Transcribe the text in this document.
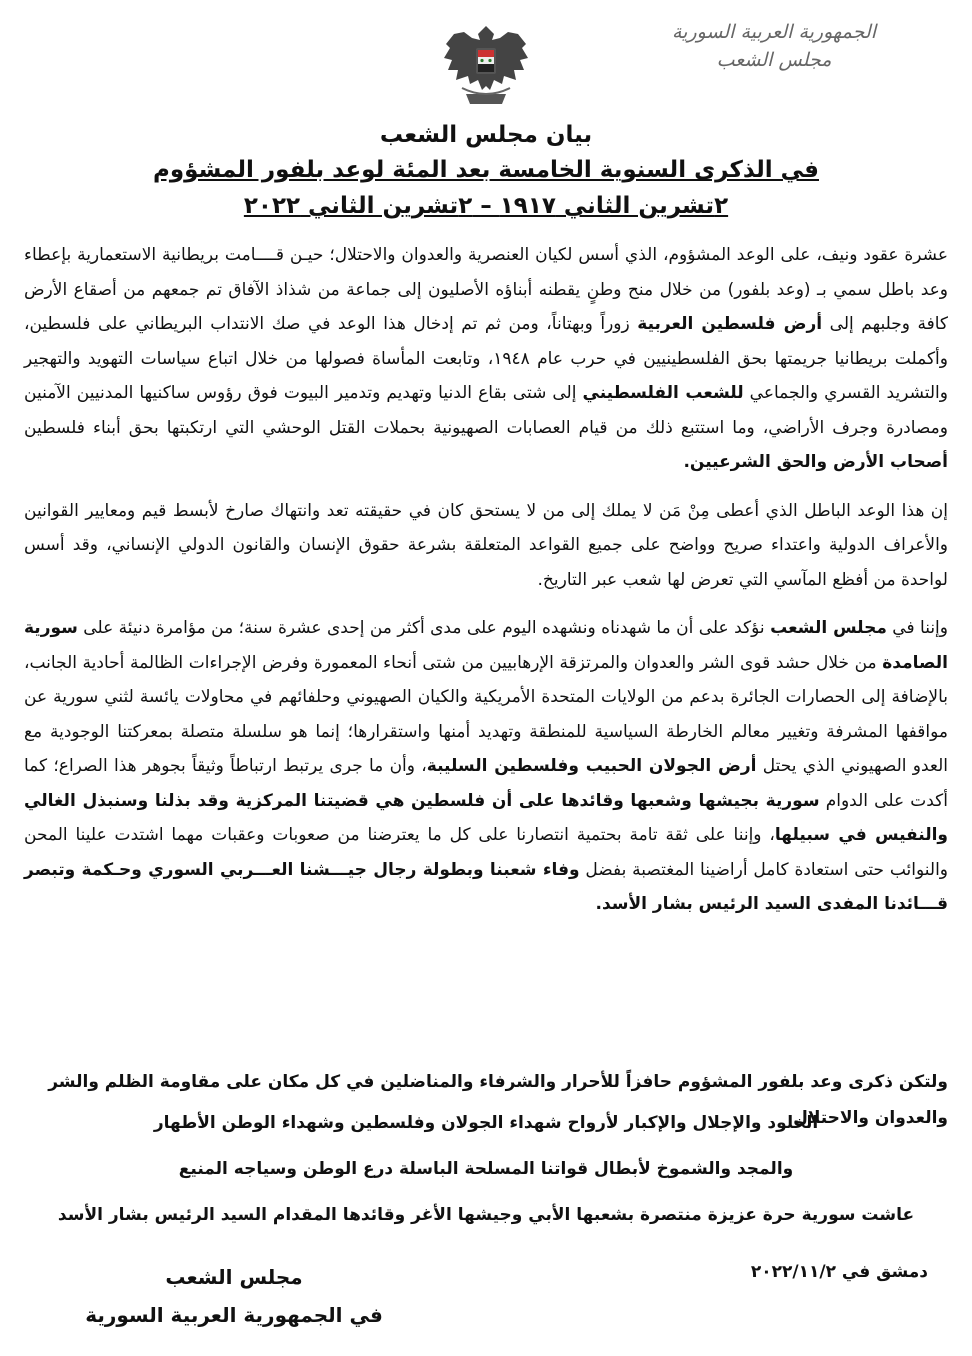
الجمهورية العربية السورية
مجلس الشعب
بيان مجلس الشعب
في الذكرى السنوية الخامسة بعد المئة لوعد بلفور المشؤوم
٢تشرين الثاني ١٩١٧ – ٢تشرين الثاني ٢٠٢٢

عشرة عقود ونيف، على الوعد المشؤوم، الذي أسس لكيان العنصرية والعدوان والاحتلال؛ حيـن قــــامت بريطانية الاستعمارية بإعطاء وعد باطل سمي بـ (وعد بلفور) من خلال منح وطنٍ يقطنه أبناؤه الأصليون إلى جماعة من شذاذ الآفاق تم جمعهم من أصقاع الأرض كافة وجلبهم إلى أرض فلسطين العربية زوراً وبهتاناً، ومن ثم تم إدخال هذا الوعد في صك الانتداب البريطاني على فلسطين، وأكملت بريطانيا جريمتها بحق الفلسطينيين في حرب عام ١٩٤٨، وتابعت المأساة فصولها من خلال اتباع سياسات التهويد والتهجير والتشريد القسري والجماعي للشعب الفلسطيني إلى شتى بقاع الدنيا وتهديم وتدمير البيوت فوق رؤوس ساكنيها المدنيين الآمنين ومصادرة وجرف الأراضي، وما استتبع ذلك من قيام العصابات الصهيونية بحملات القتل الوحشي التي ارتكبتها بحق أبناء فلسطين أصحاب الأرض والحق الشرعيين.

إن هذا الوعد الباطل الذي أعطى مِنْ مَن لا يملك إلى من لا يستحق كان في حقيقته تعد وانتهاك صارخ لأبسط قيم ومعايير القوانين والأعراف الدولية واعتداء صريح وواضح على جميع القواعد المتعلقة بشرعة حقوق الإنسان والقانون الدولي الإنساني، وقد أسس لواحدة من أفظع المآسي التي تعرض لها شعب عبر التاريخ.

وإننا في مجلس الشعب نؤكد على أن ما شهدناه ونشهده اليوم على مدى أكثر من إحدى عشرة سنة؛ من مؤامرة دنيئة على سورية الصامدة من خلال حشد قوى الشر والعدوان والمرتزقة الإرهابيين من شتى أنحاء المعمورة وفرض الإجراءات الظالمة أحادية الجانب، بالإضافة إلى الحصارات الجائرة بدعم من الولايات المتحدة الأمريكية والكيان الصهيوني وحلفائهم في محاولات يائسة لثني سورية عن مواقفها المشرفة وتغيير معالم الخارطة السياسية للمنطقة وتهديد أمنها واستقرارها؛ إنما هو سلسلة متصلة بمعركتنا الوجودية مع العدو الصهيوني الذي يحتل أرض الجولان الحبيب وفلسطين السليبة، وأن ما جرى يرتبط ارتباطاً وثيقاً بجوهر هذا الصراع؛ كما أكدت على الدوام سورية بجيشها وشعبها وقائدها على أن فلسطين هي قضيتنا المركزية وقد بذلنا وسنبذل الغالي والنفيس في سبيلها، وإننا على ثقة تامة بحتمية انتصارنا على كل ما يعترضنا من صعوبات وعقبات مهما اشتدت علينا المحن والنوائب حتى استعادة كامل أراضينا المغتصبة بفضل وفاء شعبنا وبطولة رجال جيـــشنا العـــربي السوري وحـكمة وتبصر قـــائدنا المفدى السيد الرئيس بشار الأسد.

ولتكن ذكرى وعد بلفور المشؤوم حافزاً للأحرار والشرفاء والمناضلين في كل مكان على مقاومة الظلم والشر والعدوان والاحتلال
الخلود والإجلال والإكبار لأرواح شهداء الجولان وفلسطين وشهداء الوطن الأطهار
والمجد والشموخ لأبطال قواتنا المسلحة الباسلة درع الوطن وسياجه المنيع
عاشت سورية حرة عزيزة منتصرة بشعبها الأبي وجيشها الأغر وقائدها المقدام السيد الرئيس بشار الأسد
دمشق في ٢٠٢٢/١١/٢
مجلس الشعب
في الجمهورية العربية السورية
